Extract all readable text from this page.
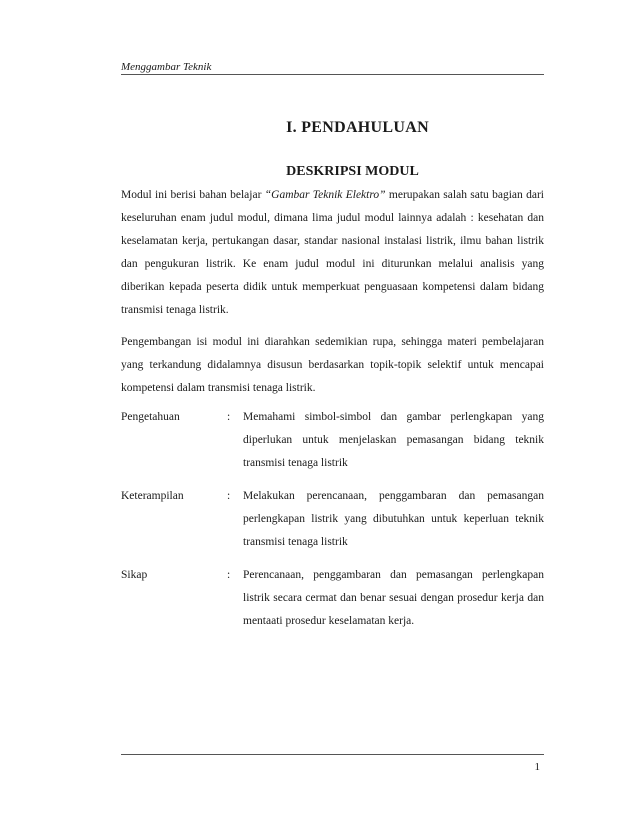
Menggambar Teknik
I. PENDAHULUAN
DESKRIPSI MODUL

Modul ini berisi bahan belajar “Gambar Teknik Elektro” merupakan salah satu bagian dari keseluruhan enam judul modul, dimana lima judul modul lainnya adalah : kesehatan dan keselamatan kerja, pertukangan dasar, standar nasional instalasi listrik, ilmu bahan listrik dan pengukuran listrik. Ke enam judul modul ini diturunkan melalui analisis yang diberikan kepada peserta didik untuk memperkuat penguasaan kompetensi dalam bidang transmisi tenaga listrik.

Pengembangan isi modul ini diarahkan sedemikian rupa, sehingga materi pembelajaran yang terkandung didalamnya disusun berdasarkan topik-topik selektif untuk mencapai kompetensi dalam transmisi tenaga listrik.

Pengetahuan	:	Memahami simbol-simbol dan gambar perlengkapan yang diperlukan untuk menjelaskan pemasangan bidang teknik transmisi tenaga listrik
Keterampilan	:	Melakukan perencanaan, penggambaran dan pemasangan perlengkapan listrik yang dibutuhkan untuk keperluan teknik transmisi tenaga listrik
Sikap	:	Perencanaan, penggambaran dan pemasangan perlengkapan listrik secara cermat dan benar sesuai dengan prosedur kerja dan mentaati prosedur keselamatan kerja.
1
